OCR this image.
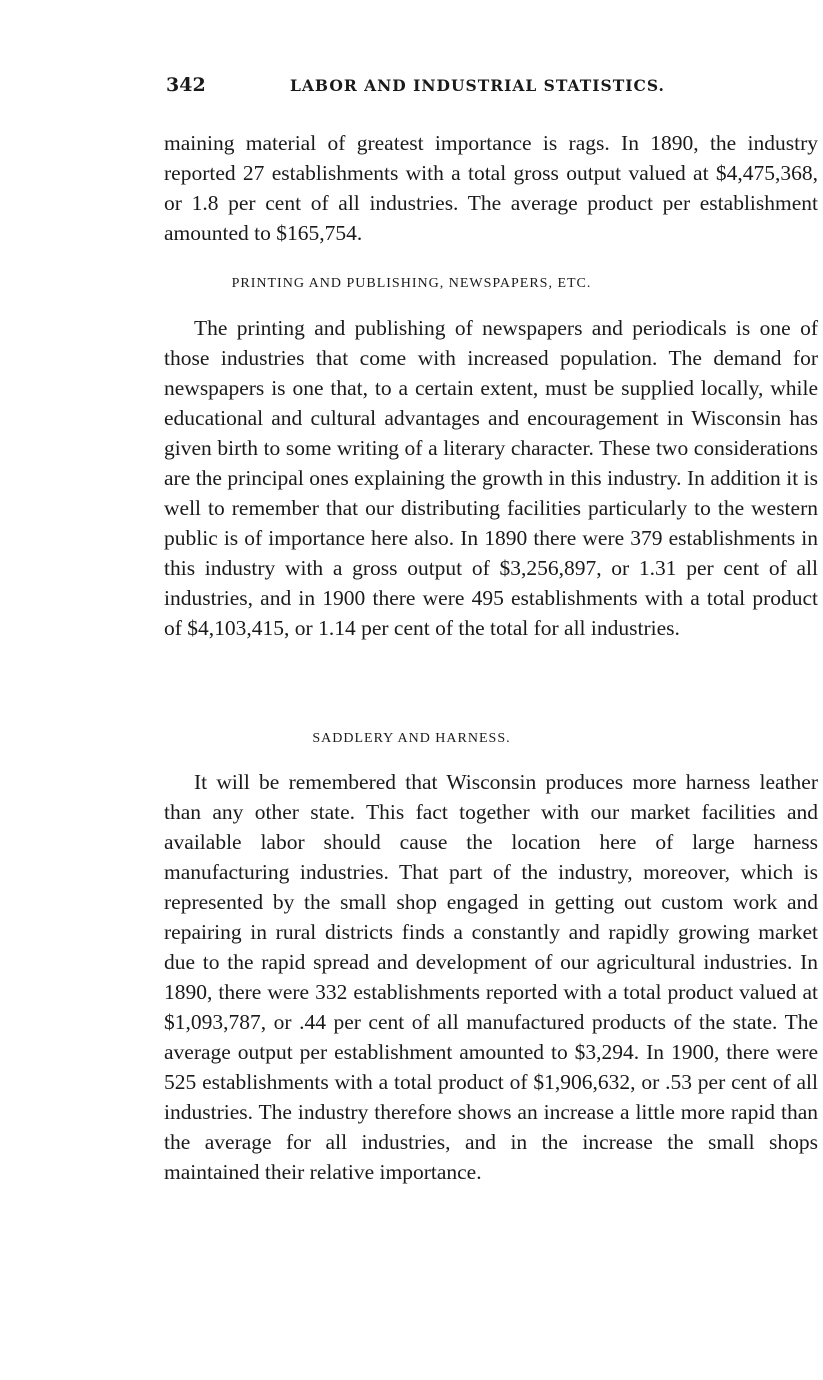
342	LABOR AND INDUSTRIAL STATISTICS.

maining material of greatest importance is rags. In 1890, the industry reported 27 establishments with a total gross output valued at $4,475,368, or 1.8 per cent of all industries. The average product per establishment amounted to $165,754.

PRINTING AND PUBLISHING, NEWSPAPERS, ETC.

The printing and publishing of newspapers and periodicals is one of those industries that come with increased population. The demand for newspapers is one that, to a certain extent, must be supplied locally, while educational and cultural advantages and encouragement in Wisconsin has given birth to some writing of a literary character. These two considerations are the principal ones explaining the growth in this industry. In addition it is well to remember that our distributing facilities particularly to the western public is of importance here also. In 1890 there were 379 establishments in this industry with a gross output of $3,256,897, or 1.31 per cent of all industries, and in 1900 there were 495 establishments with a total product of $4,103,415, or 1.14 per cent of the total for all industries.

SADDLERY AND HARNESS.

It will be remembered that Wisconsin produces more harness leather than any other state. This fact together with our market facilities and available labor should cause the location here of large harness manufacturing industries. That part of the industry, moreover, which is represented by the small shop engaged in getting out custom work and repairing in rural districts finds a constantly and rapidly growing market due to the rapid spread and development of our agricultural industries. In 1890, there were 332 establishments reported with a total product valued at $1,093,787, or .44 per cent of all manufactured products of the state. The average output per establishment amounted to $3,294. In 1900, there were 525 establishments with a total product of $1,906,632, or .53 per cent of all industries. The industry therefore shows an increase a little more rapid than the average for all industries, and in the increase the small shops maintained their relative importance.
